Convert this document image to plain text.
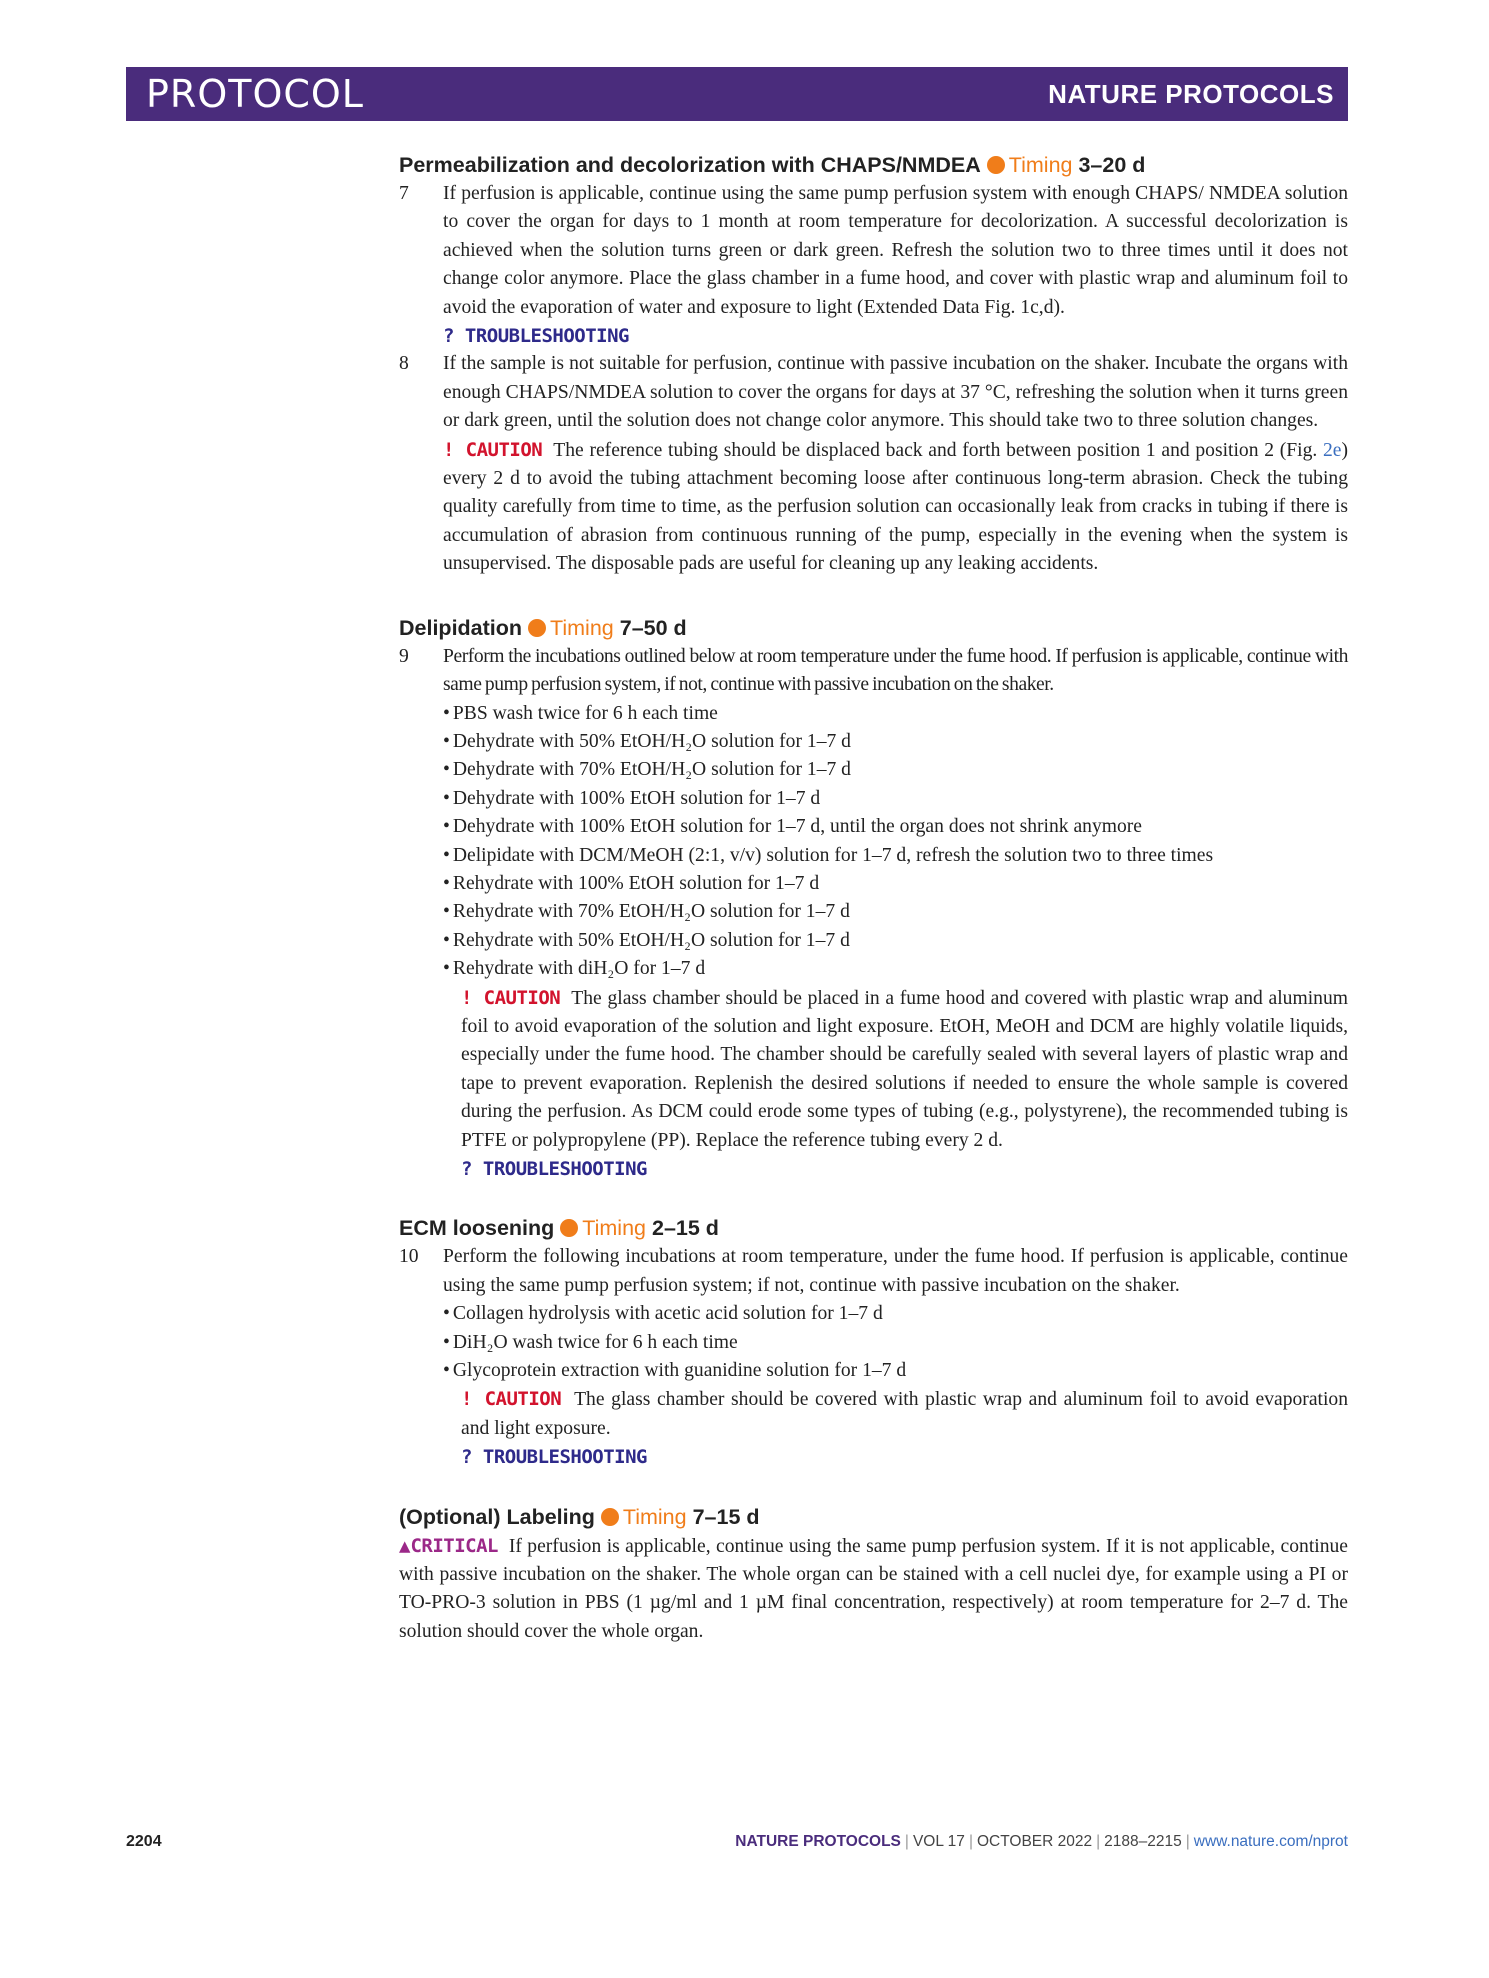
PROTOCOL	NATURE PROTOCOLS
Permeabilization and decolorization with CHAPS/NMDEA Timing 3–20 d
7	If perfusion is applicable, continue using the same pump perfusion system with enough CHAPS/ NMDEA solution to cover the organ for days to 1 month at room temperature for decolorization. A successful decolorization is achieved when the solution turns green or dark green. Refresh the solution two to three times until it does not change color anymore. Place the glass chamber in a fume hood, and cover with plastic wrap and aluminum foil to avoid the evaporation of water and exposure to light (Extended Data Fig. 1c,d).

? TROUBLESHOOTING
8	If the sample is not suitable for perfusion, continue with passive incubation on the shaker. Incubate the organs with enough CHAPS/NMDEA solution to cover the organs for days at 37 °C, refreshing the solution when it turns green or dark green, until the solution does not change color anymore. This should take two to three solution changes.

! CAUTION The reference tubing should be displaced back and forth between position 1 and position 2 (Fig. 2e) every 2 d to avoid the tubing attachment becoming loose after continuous long-term abrasion. Check the tubing quality carefully from time to time, as the perfusion solution can occasionally leak from cracks in tubing if there is accumulation of abrasion from continuous running of the pump, especially in the evening when the system is unsupervised. The disposable pads are useful for cleaning up any leaking accidents.

Delipidation Timing 7–50 d
9	Perform the incubations outlined below at room temperature under the fume hood. If perfusion is applicable, continue with same pump perfusion system, if not, continue with passive incubation on the shaker.

• PBS wash twice for 6 h each time
• Dehydrate with 50% EtOH/H₂O solution for 1–7 d
• Dehydrate with 70% EtOH/H₂O solution for 1–7 d
• Dehydrate with 100% EtOH solution for 1–7 d
• Dehydrate with 100% EtOH solution for 1–7 d, until the organ does not shrink anymore
• Delipidate with DCM/MeOH (2:1, v/v) solution for 1–7 d, refresh the solution two to three times
• Rehydrate with 100% EtOH solution for 1–7 d
• Rehydrate with 70% EtOH/H₂O solution for 1–7 d
• Rehydrate with 50% EtOH/H₂O solution for 1–7 d
• Rehydrate with diH₂O for 1–7 d

! CAUTION The glass chamber should be placed in a fume hood and covered with plastic wrap and aluminum foil to avoid evaporation of the solution and light exposure. EtOH, MeOH and DCM are highly volatile liquids, especially under the fume hood. The chamber should be carefully sealed with several layers of plastic wrap and tape to prevent evaporation. Replenish the desired solutions if needed to ensure the whole sample is covered during the perfusion. As DCM could erode some types of tubing (e.g., polystyrene), the recommended tubing is PTFE or polypropylene (PP). Replace the reference tubing every 2 d.

? TROUBLESHOOTING
ECM loosening Timing 2–15 d
10	Perform the following incubations at room temperature, under the fume hood. If perfusion is applicable, continue using the same pump perfusion system; if not, continue with passive incubation on the shaker.

• Collagen hydrolysis with acetic acid solution for 1–7 d
• DiH₂O wash twice for 6 h each time
• Glycoprotein extraction with guanidine solution for 1–7 d

! CAUTION The glass chamber should be covered with plastic wrap and aluminum foil to avoid evaporation and light exposure.

? TROUBLESHOOTING
(Optional) Labeling Timing 7–15 d

▲CRITICAL If perfusion is applicable, continue using the same pump perfusion system. If it is not applicable, continue with passive incubation on the shaker. The whole organ can be stained with a cell nuclei dye, for example using a PI or TO-PRO-3 solution in PBS (1 µg/ml and 1 µM final concentration, respectively) at room temperature for 2–7 d. The solution should cover the whole organ.

2204	NATURE PROTOCOLS | VOL 17 | OCTOBER 2022 | 2188–2215 | www.nature.com/nprot
